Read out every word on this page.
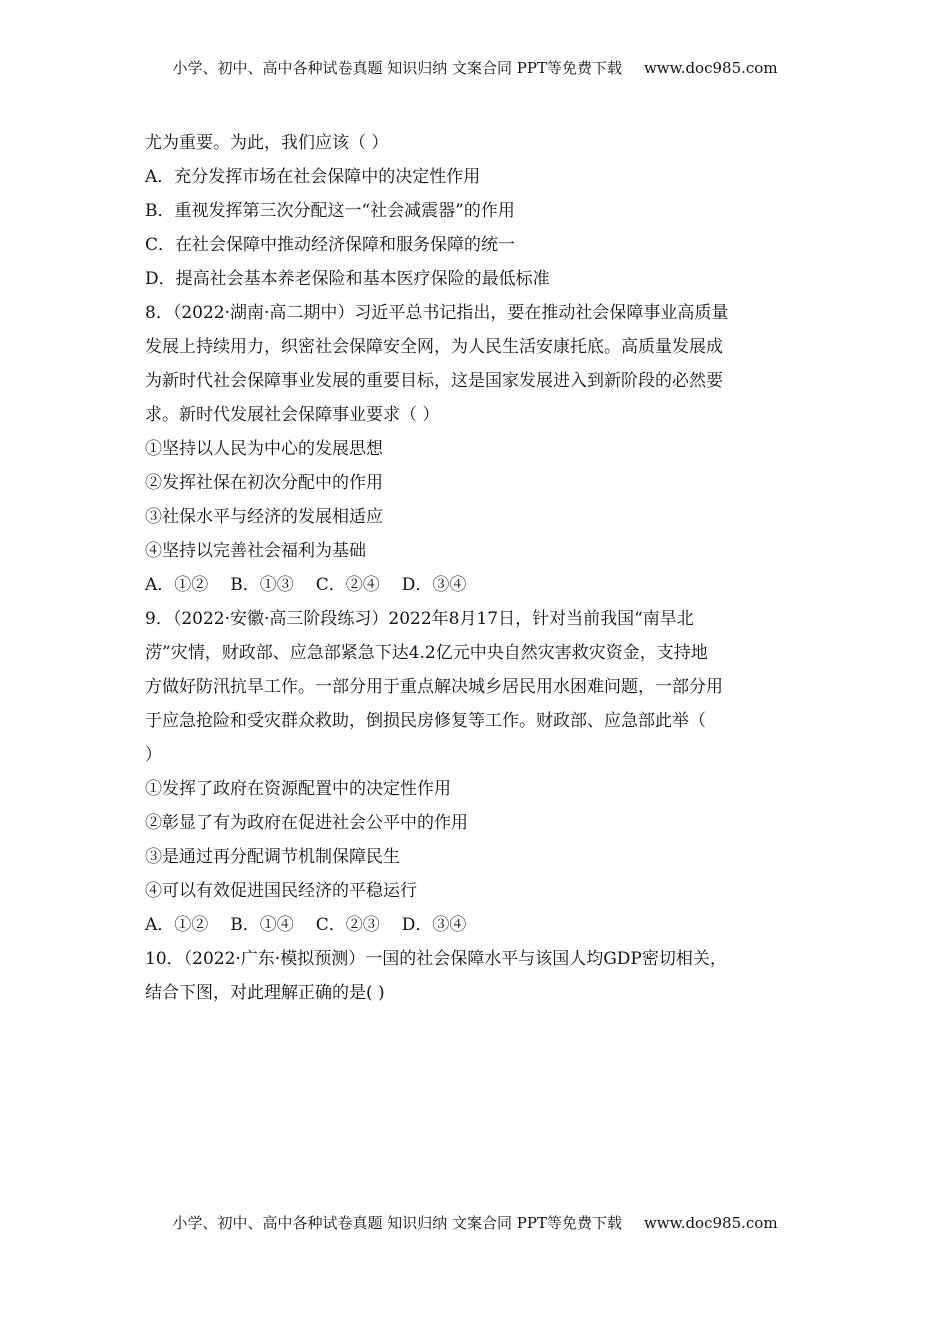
小学、初中、高中各种试卷真题 知识归纳 文案合同 PPT等免费下载 www.doc985.com
尤为重要。为此，我们应该（ ）
A．充分发挥市场在社会保障中的决定性作用
B．重视发挥第三次分配这一“社会减震器”的作用
C．在社会保障中推动经济保障和服务保障的统一
D．提高社会基本养老保险和基本医疗保险的最低标准
8．（2022·湖南·高二期中）习近平总书记指出，要在推动社会保障事业高质量
发展上持续用力，织密社会保障安全网，为人民生活安康托底。高质量发展成
为新时代社会保障事业发展的重要目标，这是国家发展进入到新阶段的必然要
求。新时代发展社会保障事业要求（ ）
①坚持以人民为中心的发展思想
②发挥社保在初次分配中的作用
③社保水平与经济的发展相适应
④坚持以完善社会福利为基础
A．①② B．①③ C．②④ D．③④
9．（2022·安徽·高三阶段练习）2022年8月17日，针对当前我国“南旱北
涝”灾情，财政部、应急部紧急下达4.2亿元中央自然灾害救灾资金，支持地
方做好防汛抗旱工作。一部分用于重点解决城乡居民用水困难问题，一部分用
于应急抢险和受灾群众救助，倒损民房修复等工作。财政部、应急部此举（
）
①发挥了政府在资源配置中的决定性作用
②彰显了有为政府在促进社会公平中的作用
③是通过再分配调节机制保障民生
④可以有效促进国民经济的平稳运行
A．①② B．①④ C．②③ D．③④
10．（2022·广东·模拟预测）一国的社会保障水平与该国人均GDP密切相关，
结合下图，对此理解正确的是( )
小学、初中、高中各种试卷真题 知识归纳 文案合同 PPT等免费下载 www.doc985.com
